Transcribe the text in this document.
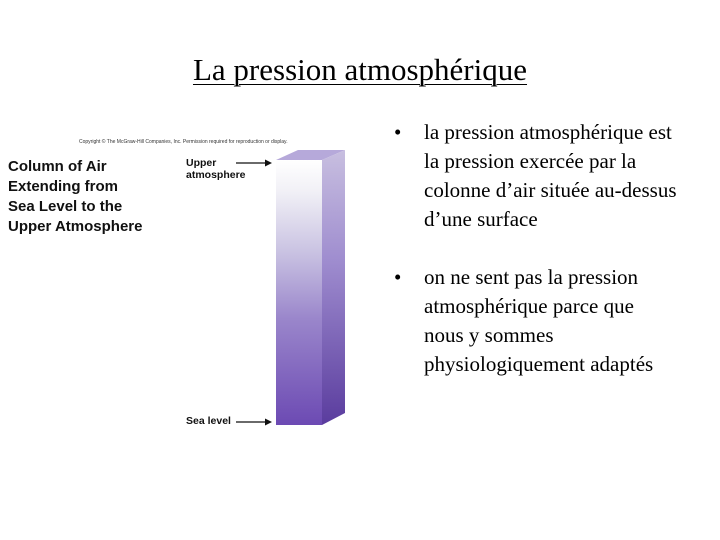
La pression atmosphérique
Copyright © The McGraw-Hill Companies, Inc. Permission required for reproduction or display.
Column of Air
Extending from
Sea Level to the
Upper Atmosphere
Upper
atmosphere
Sea level
• la pression atmosphérique est
la pression exercée par la
colonne d’air située au-dessus
d’une surface
• on ne sent pas la pression
atmosphérique parce que
nous y sommes
physiologiquement adaptés
